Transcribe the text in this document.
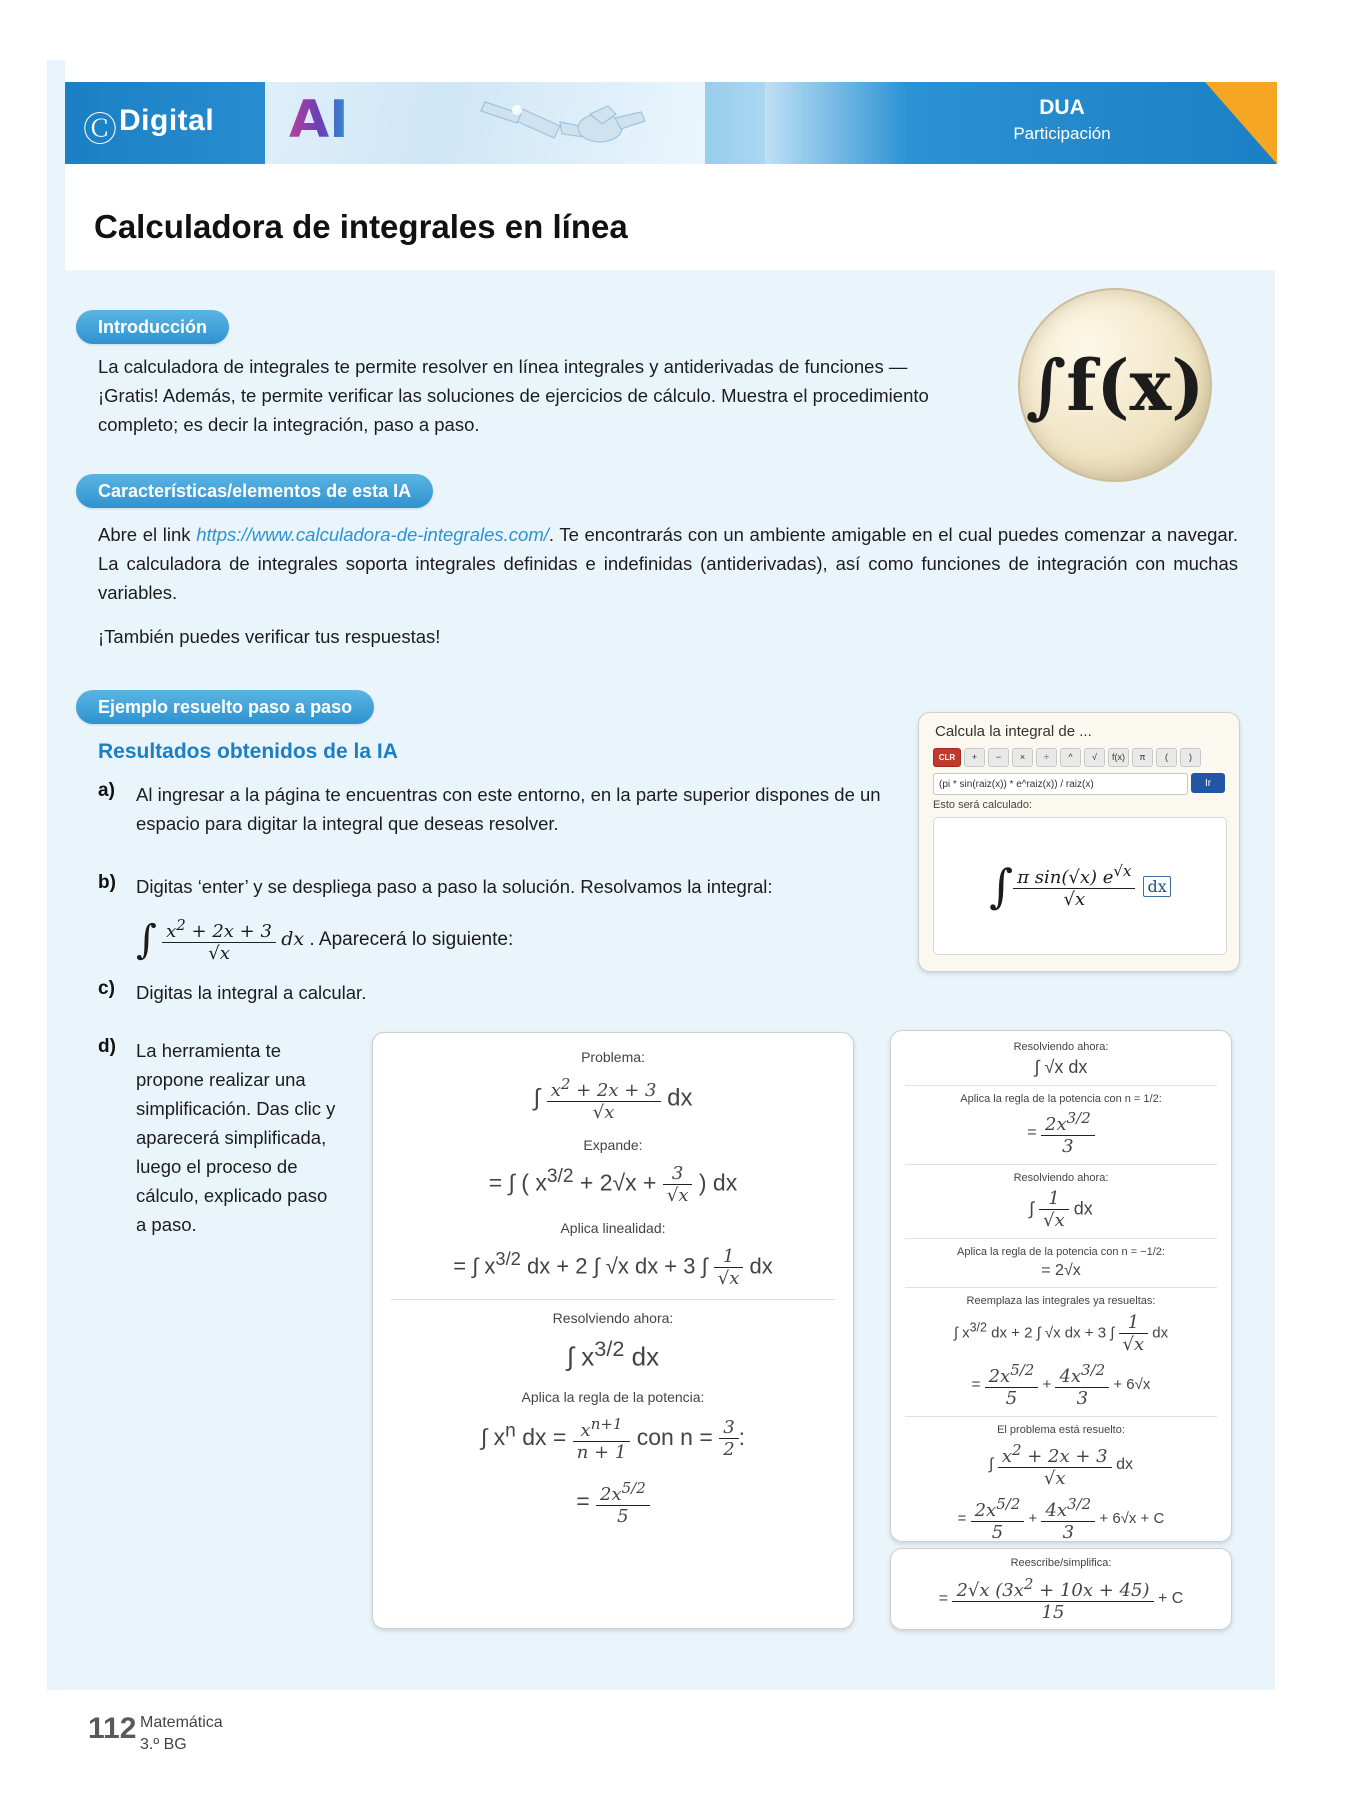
AI
Ⓒ Digital	DUA
Participación
Calculadora de integrales en línea
∫f(x)
Introducción
La calculadora de integrales te permite resolver en línea integrales y antiderivadas de funciones — ¡Gratis! Además, te permite verificar las soluciones de ejercicios de cálculo. Muestra el procedimiento completo; es decir la integración, paso a paso.
Características/elementos de esta IA
Abre el link https://www.calculadora-de-integrales.com/. Te encontrarás con un ambiente amigable en el cual puedes comenzar a navegar. La calculadora de integrales soporta integrales definidas e indefinidas (antiderivadas), así como funciones de integración con muchas variables.
¡También puedes verificar tus respuestas!
Ejemplo resuelto paso a paso
Resultados obtenidos de la IA
a) Al ingresar a la página te encuentras con este entorno, en la parte superior dispones de un espacio para digitar la integral que deseas resolver.
b) Digitas ‘enter’ y se despliega paso a paso la solución. Resolvamos la integral:
∫ $\frac{x^2 + 2x + 3}{√x}$ dx . Aparecerá lo siguiente:
c) Digitas la integral a calcular.
d) La herramienta te propone realizar una simplificación. Das clic y aparecerá simplificada, luego el proceso de cálculo, explicado paso a paso.
Calcula la integral de ...
CLR	+	−	×	÷	^	√	f(x)	π	(	)
(pi * sin(raiz(x)) * e^raiz(x)) / raiz(x)	Ir
Esto será calculado:
∫ $\frac{\pi \sin(√x) e^{√x}}{√x}$ dx
Problema:
∫ $\frac{x^2 + 2x + 3}{√x}$ dx
Expande:
= ∫ ( $x^{3/2} + 2√x + \frac{3}{√x}$ ) dx
Aplica linealidad:
= ∫ $x^{3/2}$ dx + 2 ∫ √x dx + 3 ∫ $\frac{1}{√x}$ dx
Resolviendo ahora:
∫ $x^{3/2}$ dx
Aplica la regla de la potencia:
∫ $x^n$ dx = $\frac{x^{n+1}}{n + 1}$ con $n = \frac{3}{2}$ :
= $\frac{2x^{5/2}}{5}$
Resolviendo ahora:
∫ √x dx
Aplica la regla de la potencia con n = 1/2:
= $\frac{2x^{3/2}}{3}$
Resolviendo ahora:
∫ $\frac{1}{√x}$ dx
Aplica la regla de la potencia con n = −1/2:
= 2√x
Reemplaza las integrales ya resueltas:
∫ $x^{3/2}$ dx + 2 ∫ √x dx + 3 ∫ $\frac{1}{√x}$ dx
= $\frac{2x^{5/2}}{5} + \frac{4x^{3/2}}{3} + 6√x$
El problema está resuelto:
∫ $\frac{x^2 + 2x + 3}{√x}$ dx
= $\frac{2x^{5/2}}{5} + \frac{4x^{3/2}}{3} + 6√x + C$
Reescribe/simplifica:
= $\frac{2√x (3x^2 + 10x + 45)}{15} + C$
112 Matemática
3.º BG
